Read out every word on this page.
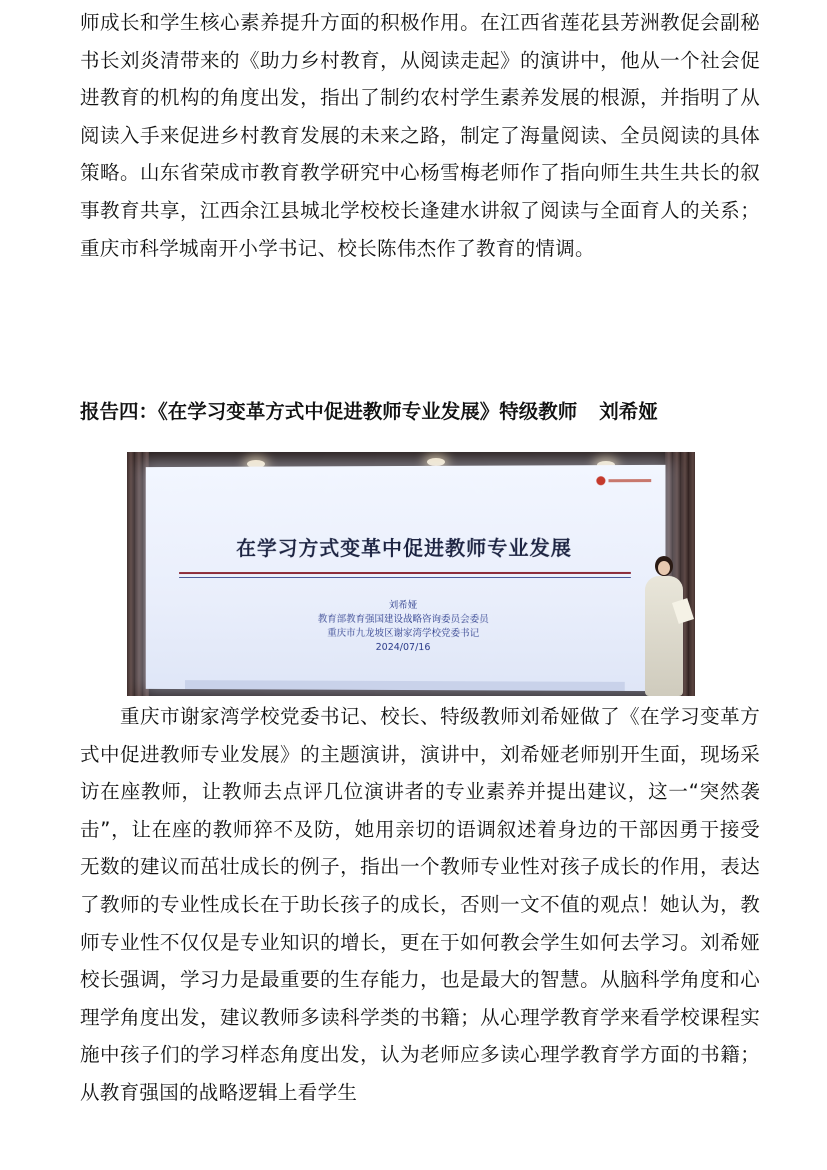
师成长和学生核心素养提升方面的积极作用。在江西省莲花县芳洲教促会副秘书长刘炎清带来的《助力乡村教育，从阅读走起》的演讲中，他从一个社会促进教育的机构的角度出发，指出了制约农村学生素养发展的根源，并指明了从阅读入手来促进乡村教育发展的未来之路，制定了海量阅读、全员阅读的具体策略。山东省荣成市教育教学研究中心杨雪梅老师作了指向师生共生共长的叙事教育共享，江西余江县城北学校校长逢建水讲叙了阅读与全面育人的关系；重庆市科学城南开小学书记、校长陈伟杰作了教育的情调。

报告四：《在学习变革方式中促进教师专业发展》特级教师 刘希娅
在学习方式变革中促进教师专业发展
刘希娅
教育部教育强国建设战略咨询委员会委员
重庆市九龙坡区谢家湾学校党委书记
2024/07/16

重庆市谢家湾学校党委书记、校长、特级教师刘希娅做了《在学习变革方式中促进教师专业发展》的主题演讲，演讲中，刘希娅老师别开生面，现场采访在座教师，让教师去点评几位演讲者的专业素养并提出建议，这一“突然袭击”，让在座的教师猝不及防，她用亲切的语调叙述着身边的干部因勇于接受无数的建议而茁壮成长的例子，指出一个教师专业性对孩子成长的作用，表达了教师的专业性成长在于助长孩子的成长，否则一文不值的观点！她认为，教师专业性不仅仅是专业知识的增长，更在于如何教会学生如何去学习。刘希娅校长强调，学习力是最重要的生存能力，也是最大的智慧。从脑科学角度和心理学角度出发，建议教师多读科学类的书籍；从心理学教育学来看学校课程实施中孩子们的学习样态角度出发，认为老师应多读心理学教育学方面的书籍；从教育强国的战略逻辑上看学生
